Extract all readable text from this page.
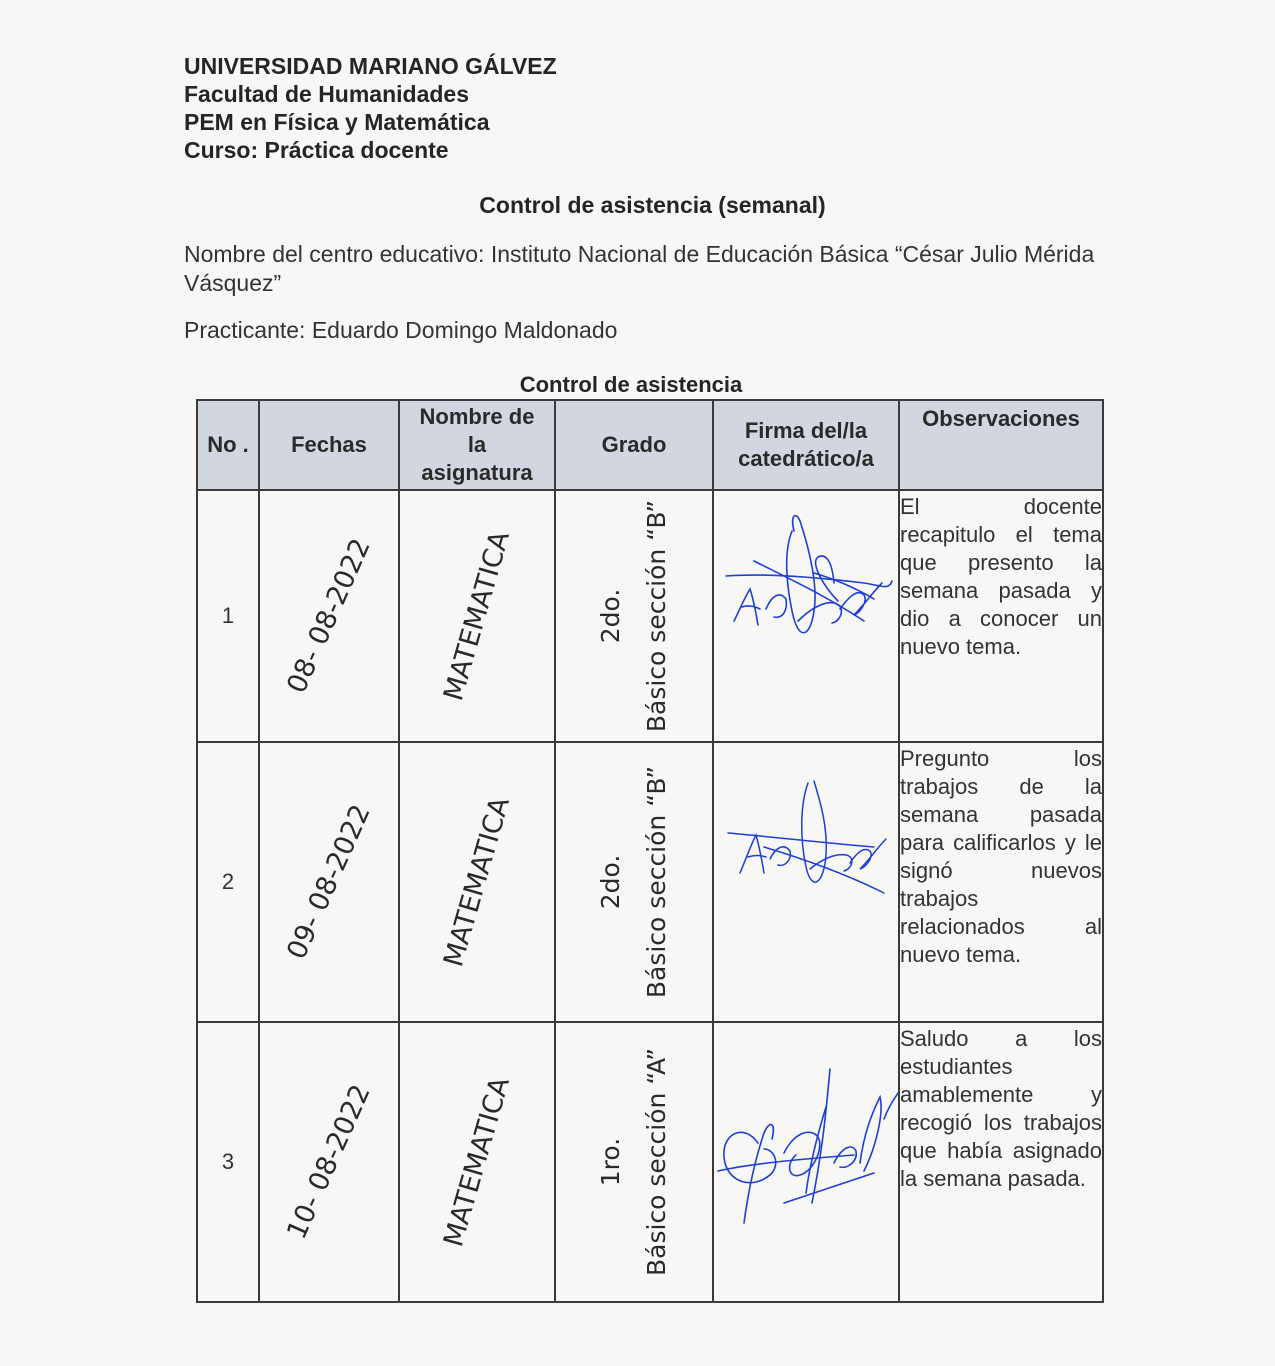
UNIVERSIDAD MARIANO GÁLVEZ
Facultad de Humanidades
PEM en Física y Matemática
Curso: Práctica docente
Control de asistencia (semanal)
Nombre del centro educativo: Instituto Nacional de Educación Básica “César Julio Mérida Vásquez”
Practicante: Eduardo Domingo Maldonado
Control de asistencia
No .	Fechas	Nombre de la asignatura	Grado	Firma del/la catedrático/a	Observaciones
1	08- 08-2022	MATEMATICA	2do. Básico sección “B”		El docente recapitulo el tema que presento la semana pasada y dio a conocer un nuevo tema.

2	09- 08-2022	MATEMATICA	2do. Básico sección “B”		Pregunto los trabajos de la semana pasada para calificarlos y le signó nuevos trabajos relacionados al nuevo tema.

3	10- 08-2022	MATEMATICA	1ro. Básico sección “A”		Saludo a los estudiantes amablemente y recogió los trabajos que había asignado la semana pasada.
